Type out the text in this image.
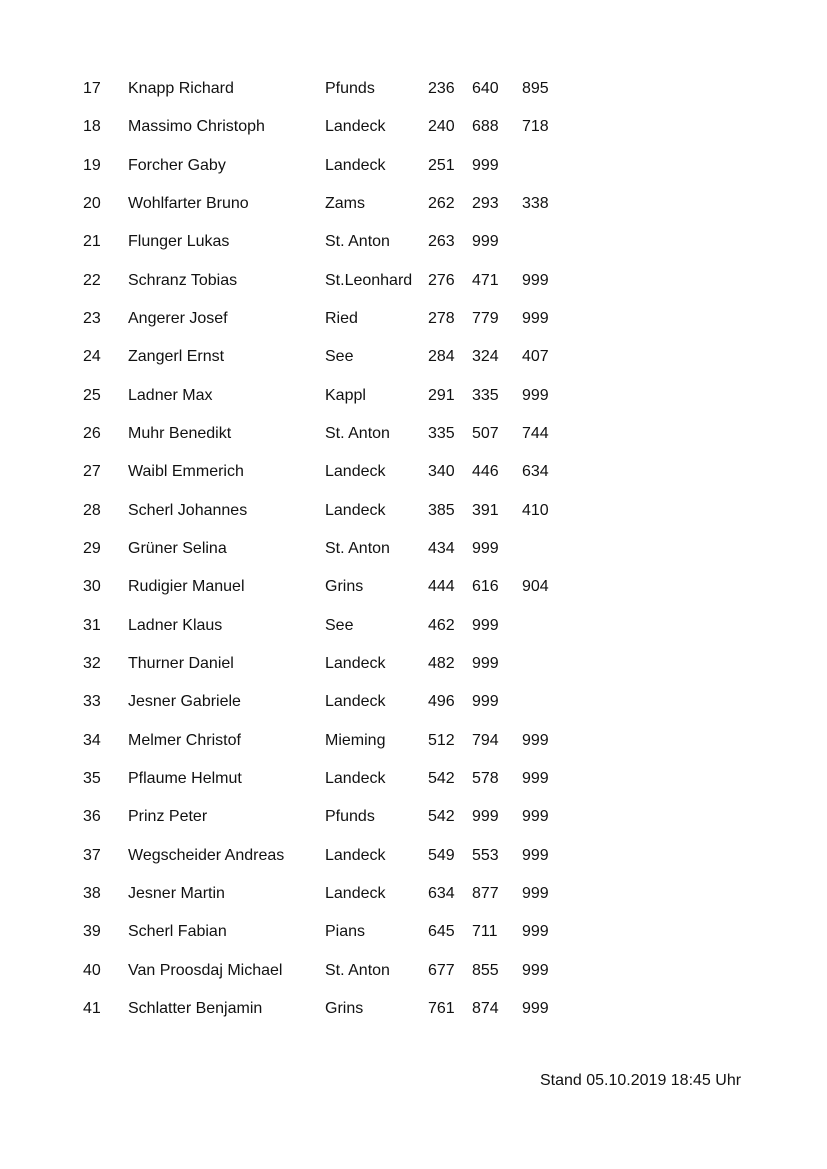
17 Knapp Richard	Pfunds	236 640 895
18 Massimo Christoph	Landeck	240 688 718
19 Forcher Gaby	Landeck	251 999
20 Wohlfarter Bruno	Zams	262 293 338
21 Flunger Lukas	St. Anton 263 999
22 Schranz Tobias	St.Leonhard 276 471 999
23 Angerer Josef	Ried	278 779 999
24 Zangerl Ernst	See	284 324 407
25 Ladner Max	Kappl	291 335 999
26 Muhr Benedikt	St. Anton 335 507 744
27 Waibl Emmerich	Landeck	340 446 634
28 Scherl Johannes	Landeck	385 391 410
29 Grüner Selina	St. Anton 434 999
30 Rudigier Manuel	Grins	444 616 904
31 Ladner Klaus	See	462 999
32 Thurner Daniel	Landeck	482 999
33 Jesner Gabriele	Landeck	496 999
34 Melmer Christof	Mieming	512 794 999
35 Pflaume Helmut	Landeck	542 578 999
36 Prinz Peter	Pfunds	542 999 999
37 Wegscheider Andreas	Landeck	549 553 999
38 Jesner Martin	Landeck	634 877 999
39 Scherl Fabian	Pians	645 711 999
40 Van Proosdaj Michael	St. Anton 677 855 999
41 Schlatter Benjamin	Grins	761 874 999
Stand 05.10.2019 18:45 Uhr
